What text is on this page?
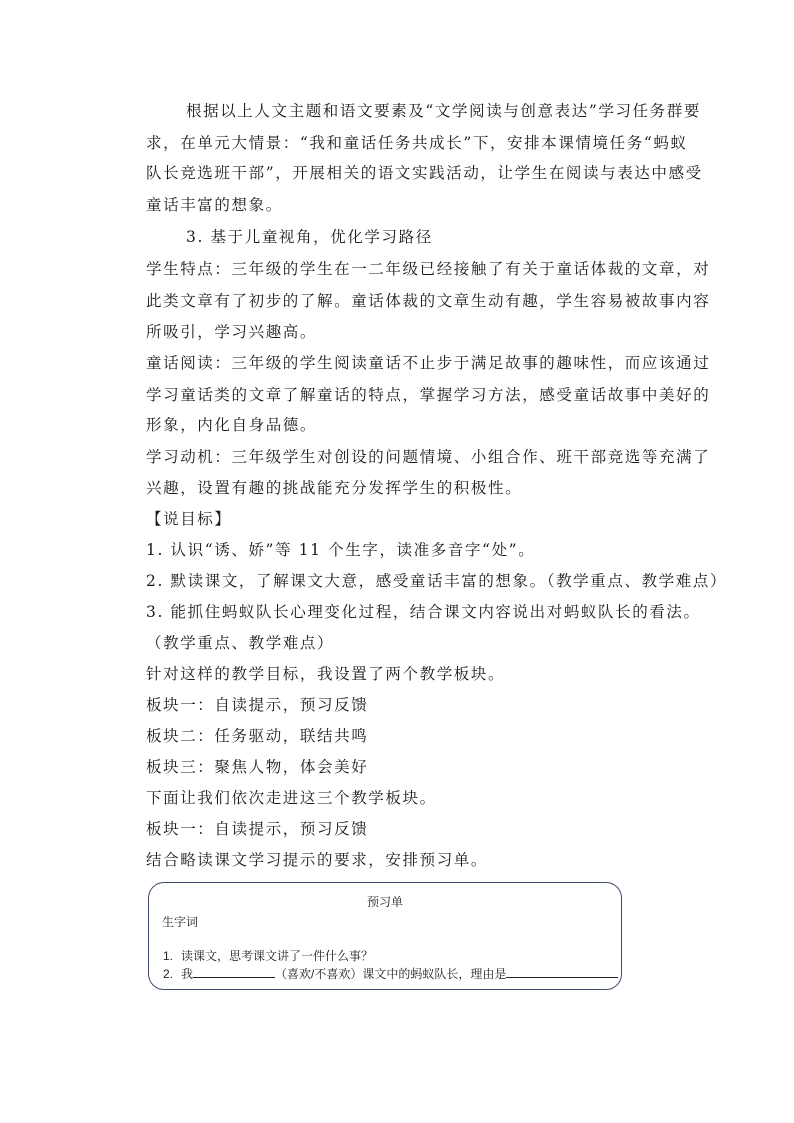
根据以上人文主题和语文要素及“文学阅读与创意表达”学习任务群要
求，在单元大情景：“我和童话任务共成长”下，安排本课情境任务“蚂蚁
队长竞选班干部”，开展相关的语文实践活动，让学生在阅读与表达中感受
童话丰富的想象。
3. 基于儿童视角，优化学习路径
学生特点：三年级的学生在一二年级已经接触了有关于童话体裁的文章，对
此类文章有了初步的了解。童话体裁的文章生动有趣，学生容易被故事内容
所吸引，学习兴趣高。
童话阅读：三年级的学生阅读童话不止步于满足故事的趣味性，而应该通过
学习童话类的文章了解童话的特点，掌握学习方法，感受童话故事中美好的
形象，内化自身品德。
学习动机：三年级学生对创设的问题情境、小组合作、班干部竞选等充满了
兴趣，设置有趣的挑战能充分发挥学生的积极性。
【说目标】
1. 认识“诱、娇”等 11 个生字，读准多音字“处”。
2. 默读课文，了解课文大意，感受童话丰富的想象。（教学重点、教学难点）
3. 能抓住蚂蚁队长心理变化过程，结合课文内容说出对蚂蚁队长的看法。
（教学重点、教学难点）
针对这样的教学目标，我设置了两个教学板块。
板块一：自读提示，预习反馈
板块二：任务驱动，联结共鸣
板块三：聚焦人物，体会美好
下面让我们依次走进这三个教学板块。
板块一：自读提示，预习反馈
结合略读课文学习提示的要求，安排预习单。
预习单
生字词
1. 读课文，思考课文讲了一件什么事？
2. 我	（喜欢/不喜欢）课文中的蚂蚁队长，理由是
